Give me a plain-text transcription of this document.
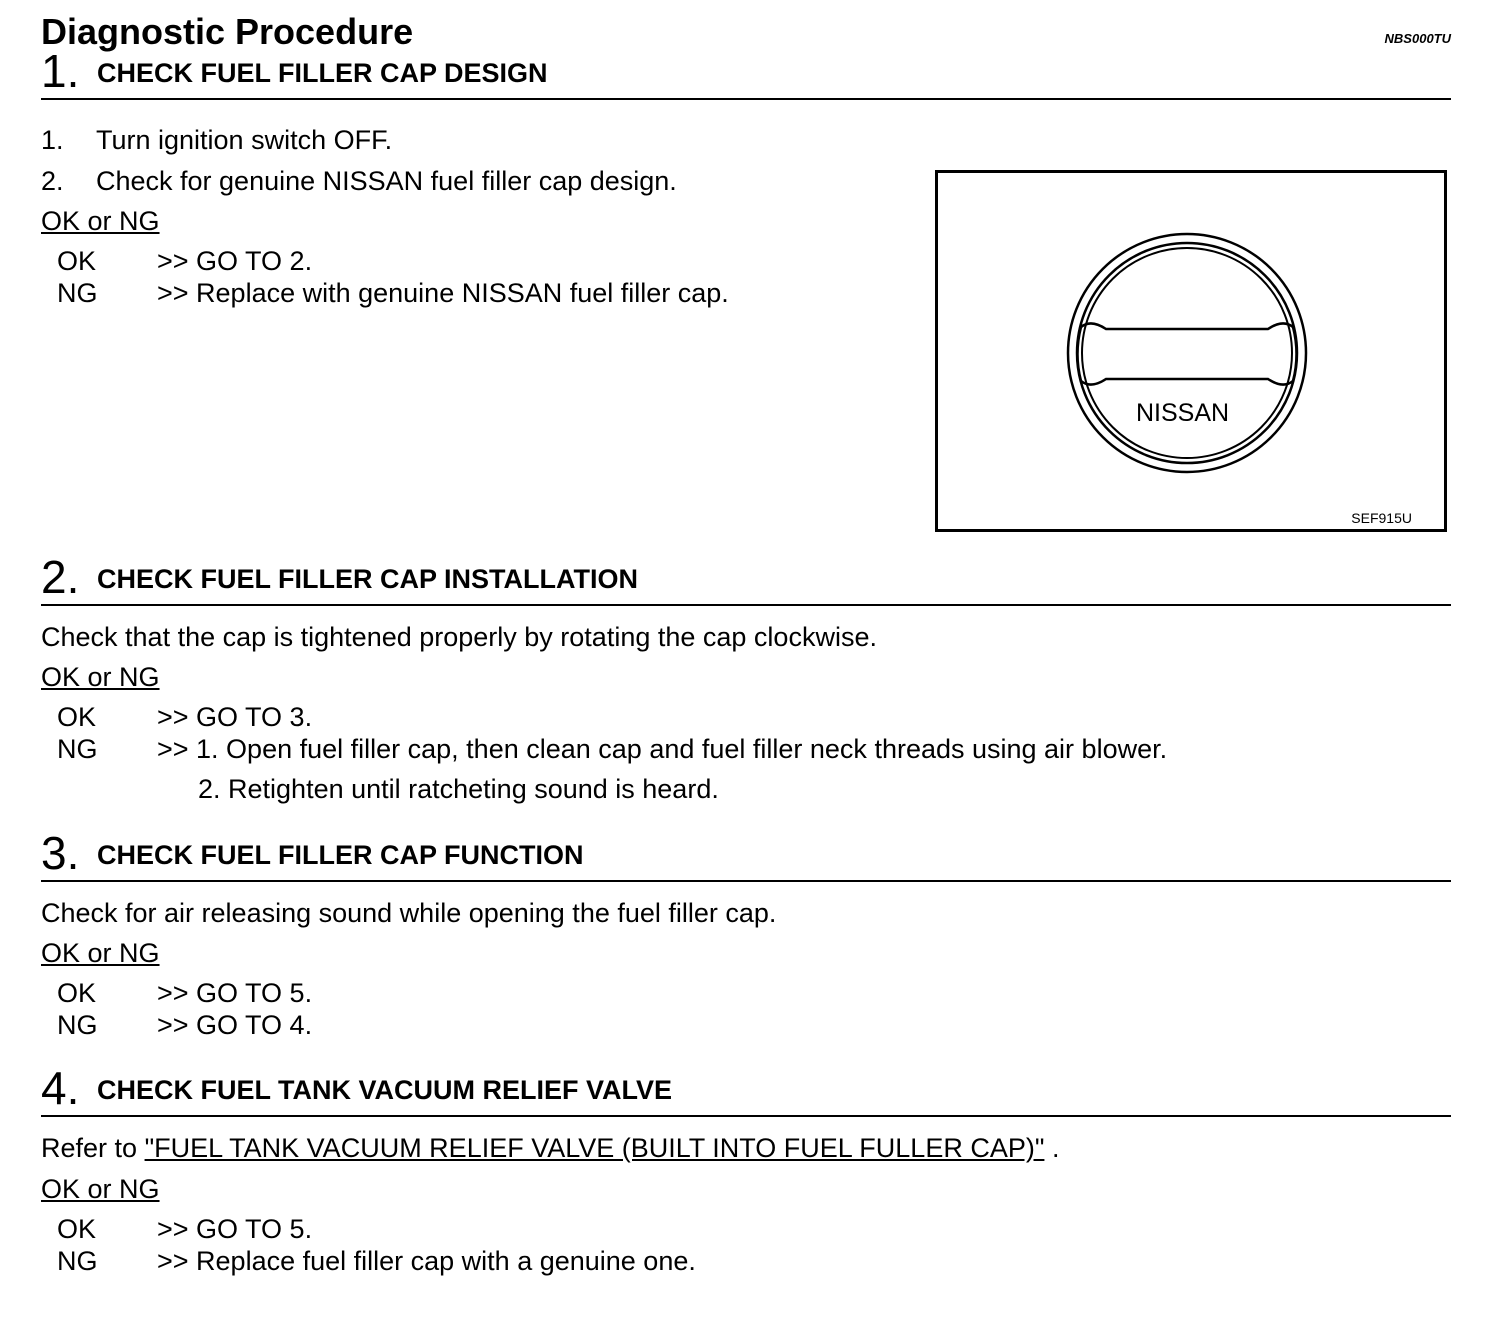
Diagnostic Procedure	NBS000TU
1. CHECK FUEL FILLER CAP DESIGN
1. Turn ignition switch OFF.
2. Check for genuine NISSAN fuel filler cap design.
OK or NG
OK >> GO TO 2.
NG >> Replace with genuine NISSAN fuel filler cap.
NISSAN
SEF915U
2. CHECK FUEL FILLER CAP INSTALLATION
Check that the cap is tightened properly by rotating the cap clockwise.
OK or NG
OK >> GO TO 3.
NG >> 1. Open fuel filler cap, then clean cap and fuel filler neck threads using air blower.
2. Retighten until ratcheting sound is heard.
3. CHECK FUEL FILLER CAP FUNCTION
Check for air releasing sound while opening the fuel filler cap.
OK or NG
OK >> GO TO 5.
NG >> GO TO 4.
4. CHECK FUEL TANK VACUUM RELIEF VALVE
Refer to "FUEL TANK VACUUM RELIEF VALVE (BUILT INTO FUEL FULLER CAP)" .
OK or NG
OK >> GO TO 5.
NG >> Replace fuel filler cap with a genuine one.
